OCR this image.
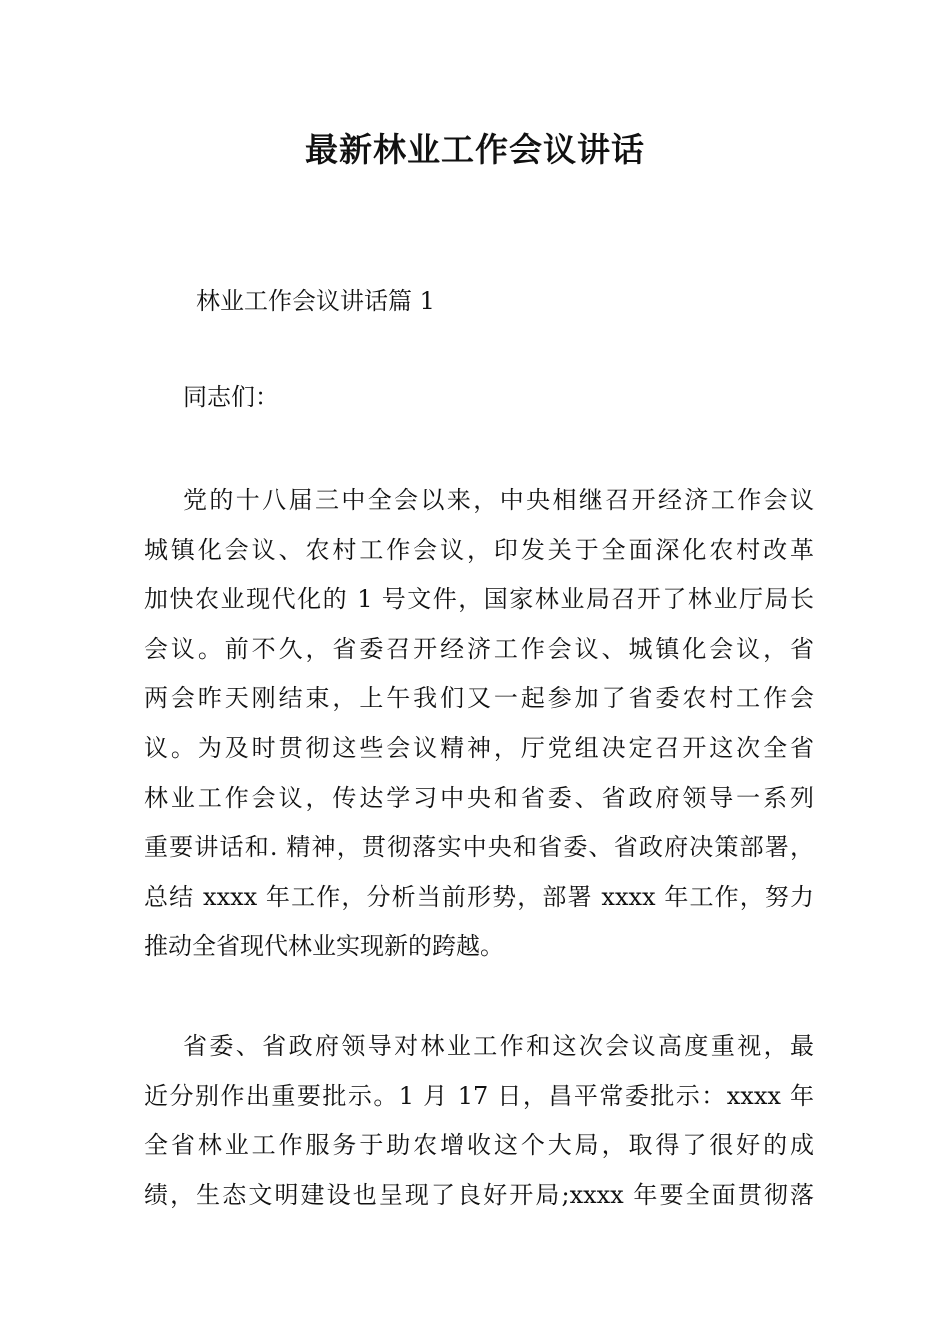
最新林业工作会议讲话
林业工作会议讲话篇 1
同志们：

党的十八届三中全会以来，中央相继召开经济工作会议
城镇化会议、农村工作会议，印发关于全面深化农村改革
加快农业现代化的 1 号文件，国家林业局召开了林业厅局长
会议。前不久，省委召开经济工作会议、城镇化会议，省
两会昨天刚结束，上午我们又一起参加了省委农村工作会
议。为及时贯彻这些会议精神，厅党组决定召开这次全省
林业工作会议，传达学习中央和省委、省政府领导一系列
重要讲话和. 精神，贯彻落实中央和省委、省政府决策部署，
总结 xxxx 年工作，分析当前形势，部署 xxxx 年工作，努力
推动全省现代林业实现新的跨越。

省委、省政府领导对林业工作和这次会议高度重视，最
近分别作出重要批示。1 月 17 日，昌平常委批示：xxxx 年
全省林业工作服务于助农增收这个大局，取得了很好的成
绩，生态文明建设也呈现了良好开局;xxxx 年要全面贯彻落
